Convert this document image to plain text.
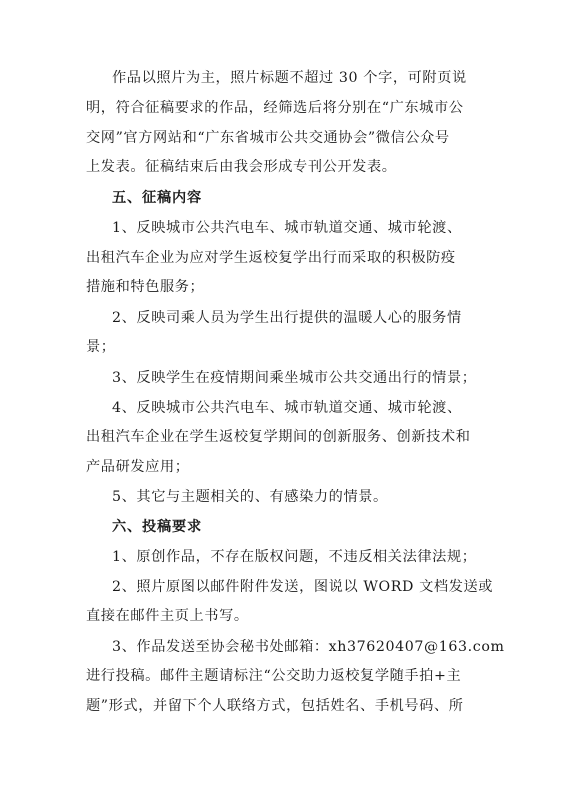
作品以照片为主，照片标题不超过 30 个字，可附页说
明，符合征稿要求的作品，经筛选后将分别在“广东城市公
交网”官方网站和“广东省城市公共交通协会”微信公众号
上发表。征稿结束后由我会形成专刊公开发表。
五、征稿内容
1、反映城市公共汽电车、城市轨道交通、城市轮渡、
出租汽车企业为应对学生返校复学出行而采取的积极防疫
措施和特色服务；
2、反映司乘人员为学生出行提供的温暖人心的服务情
景；
3、反映学生在疫情期间乘坐城市公共交通出行的情景；
4、反映城市公共汽电车、城市轨道交通、城市轮渡、
出租汽车企业在学生返校复学期间的创新服务、创新技术和
产品研发应用；
5、其它与主题相关的、有感染力的情景。
六、投稿要求
1、原创作品，不存在版权问题，不违反相关法律法规；
2、照片原图以邮件附件发送，图说以 WORD 文档发送或
直接在邮件主页上书写。
3、作品发送至协会秘书处邮箱：xh37620407@163.com
进行投稿。邮件主题请标注“公交助力返校复学随手拍+主
题”形式，并留下个人联络方式，包括姓名、手机号码、所
